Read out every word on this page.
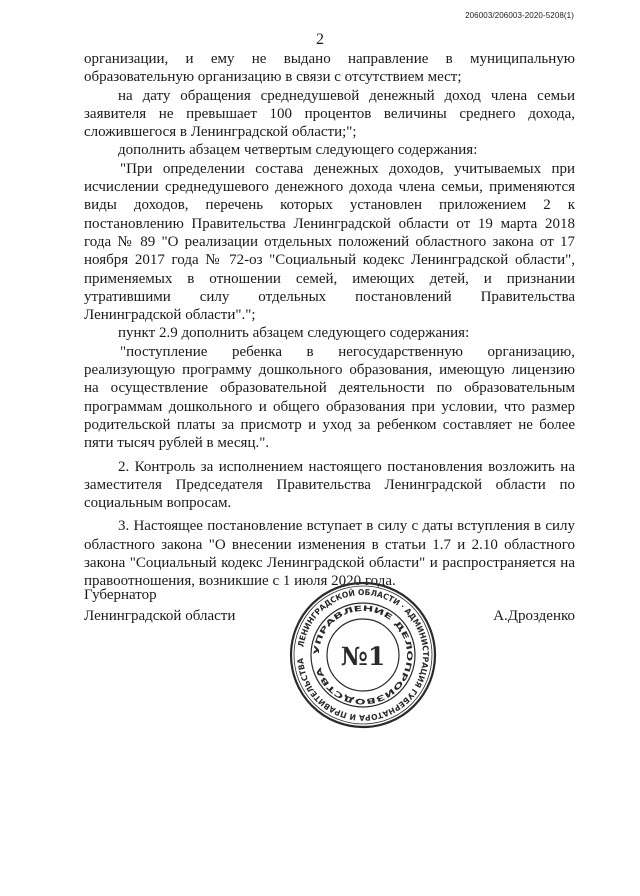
206003/206003-2020-5208(1)
2

организации, и ему не выдано направление в муниципальную образовательную организацию в связи с отсутствием мест;

на дату обращения среднедушевой денежный доход члена семьи заявителя не превышает 100 процентов величины среднего дохода, сложившегося в Ленинградской области;";

дополнить абзацем четвертым следующего содержания:

"При определении состава денежных доходов, учитываемых при исчислении среднедушевого денежного дохода члена семьи, применяются виды доходов, перечень которых установлен приложением 2 к постановлению Правительства Ленинградской области от 19 марта 2018 года № 89 "О реализации отдельных положений областного закона от 17 ноября 2017 года № 72-оз "Социальный кодекс Ленинградской области", применяемых в отношении семей, имеющих детей, и признании утратившими силу отдельных постановлений Правительства Ленинградской области".";

пункт 2.9 дополнить абзацем следующего содержания:

"поступление ребенка в негосударственную организацию, реализующую программу дошкольного образования, имеющую лицензию на осуществление образовательной деятельности по образовательным программам дошкольного и общего образования при условии, что размер родительской платы за присмотр и уход за ребенком составляет не более пяти тысяч рублей в месяц.".

2. Контроль за исполнением настоящего постановления возложить на заместителя Председателя Правительства Ленинградской области по социальным вопросам.

3. Настоящее постановление вступает в силу с даты вступления в силу областного закона "О внесении изменения в статьи 1.7 и 2.10 областного закона "Социальный кодекс Ленинградской области" и распространяется на правоотношения, возникшие с 1 июля 2020 года.

Губернатор
Ленинградской области	А.Дрозденко
ЛЕНИНГРАДСКОЙ ОБЛАСТИ · АДМИНИСТРАЦИЯ ГУБЕРНАТОРА И ПРАВИТЕЛЬСТВА
УПРАВЛЕНИЕ ДЕЛОПРОИЗВОДСТВА
№1
